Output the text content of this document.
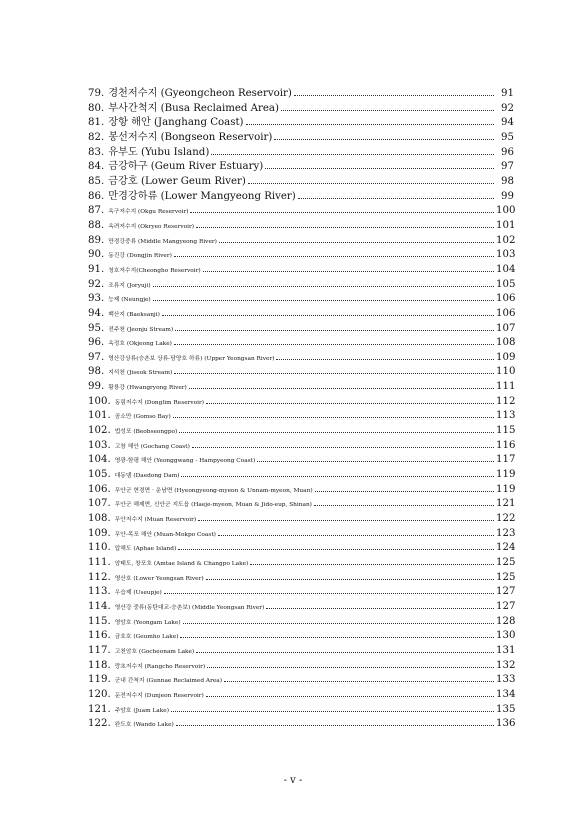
79. 경천저수지 (Gyeongcheon Reservoir)	91
80. 부사간척지 (Busa Reclaimed Area)	92
81. 장항 해안 (Janghang Coast)	94
82. 봉선저수지 (Bongseon Reservoir)	95
83. 유부도 (Yubu Island)	96
84. 금강하구 (Geum River Estuary)	97
85. 금강호 (Lower Geum River)	98
86. 만경강하류 (Lower Mangyeong River)	99
87. 옥구저수지 (Okgu Reservoir)	100
88. 옥려저수지 (Okryeo Reservoir)	101
89. 만경강중류 (Middle Mangyeong River)	102
90. 동진강 (Dongjin River)	103
91. 청호저수지(Cheongho Reservoir)	104
92. 조류지 (Joryuji)	105
93. 능제 (Neungje)	106
94. 백산지 (Baeksanji)	106
95. 전주천 (Jeonju Stream)	107
96. 옥정호 (Okjeong Lake)	108
97. 영산강상류(승촌보 상류-담양호 하류) (Upper Yeongsan River)	109
98. 지석천 (Jiseok Stream)	110
99. 황룡강 (Hwangryong River)	111
100. 동림저수지 (Donglim Reservoir)	112
101. 곰소만 (Gomso Bay)	113
102. 법성포 (Beobseongpo)	115
103. 고창 해안 (Gochang Coast)	116
104. 영광-함평 해안 (Yeonggwang - Hampyeong Coast)	117
105. 대동댐 (Daedong Dam)	119
106. 무안군 현경면 · 운남면 (Hyeongyeong-myeon & Unnam-myeon, Muan)	119
107. 무안군 해제면, 신안군 지도읍 (Haeje-myeon, Muan & Jido-eup, Shinan)	121
108. 무안저수지 (Muan Reservoir)	122
109. 무안-목포 해안 (Muan-Mokpo Coast)	123
110. 압해도 (Aphae Island)	124
111. 암태도, 창포호 (Amtae Island & Changpo Lake)	125
112. 영산호 (Lower Yeongsan River)	125
113. 우습제 (Useupje)	127
114. 영산강 중류(동탄대교-승촌보) (Middle Yeongsan River)	127
115. 영암호 (Yeongam Lake)	128
116. 금호호 (Geumho Lake)	130
117. 고천암호 (Gocheonam Lake)	131
118. 랑초저수지 (Rangcho Reservoir)	132
119. 군내 간척지 (Gunnae Reclaimed Area)	133
120. 둔전저수지 (Dunjeon Reservoir)	134
121. 주암호 (Juam Lake)	135
122. 완도호 (Wando Lake)	136
- v -
